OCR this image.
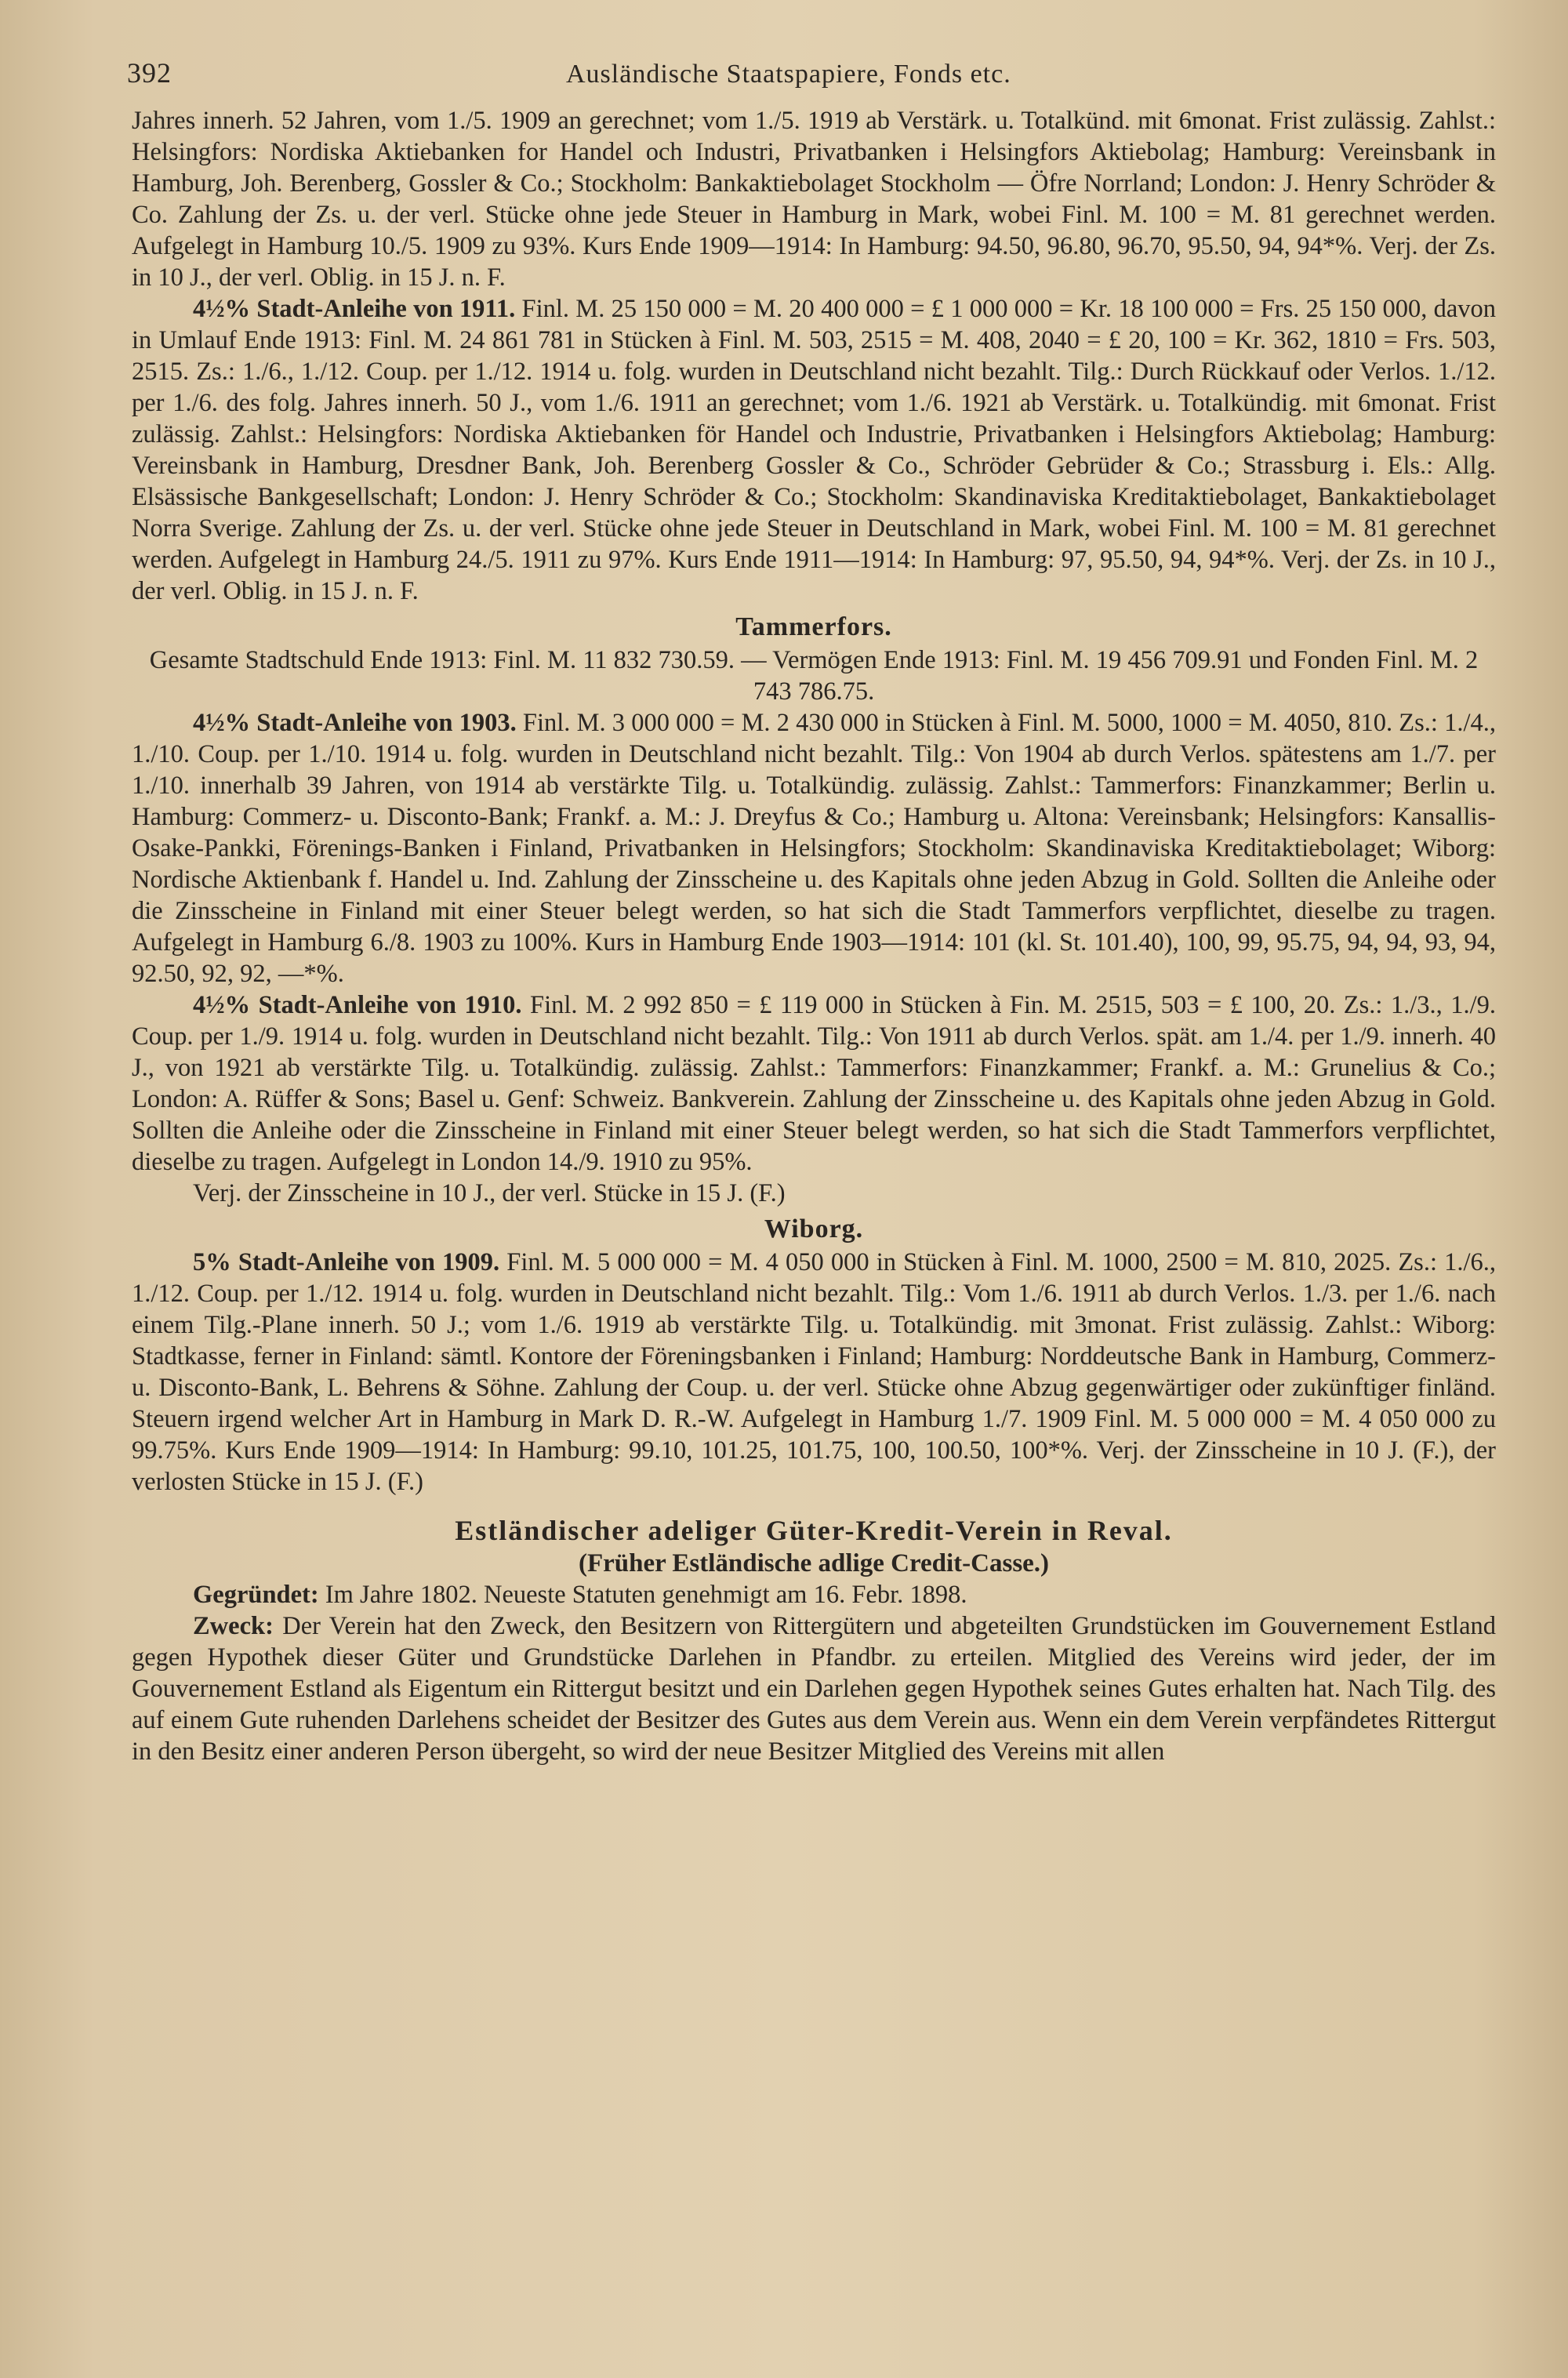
392	Ausländische Staatspapiere, Fonds etc.

Jahres innerh. 52 Jahren, vom 1./5. 1909 an gerechnet; vom 1./5. 1919 ab Verstärk. u. Totalkünd. mit 6monat. Frist zulässig. Zahlst.: Helsingfors: Nordiska Aktiebanken for Handel och Industri, Privatbanken i Helsingfors Aktiebolag; Hamburg: Vereinsbank in Hamburg, Joh. Berenberg, Gossler & Co.; Stockholm: Bankaktiebolaget Stockholm — Öfre Norrland; London: J. Henry Schröder & Co. Zahlung der Zs. u. der verl. Stücke ohne jede Steuer in Hamburg in Mark, wobei Finl. M. 100 = M. 81 gerechnet werden. Aufgelegt in Hamburg 10./5. 1909 zu 93%. Kurs Ende 1909—1914: In Hamburg: 94.50, 96.80, 96.70, 95.50, 94, 94*%. Verj. der Zs. in 10 J., der verl. Oblig. in 15 J. n. F.

4½% Stadt-Anleihe von 1911. Finl. M. 25 150 000 = M. 20 400 000 = £ 1 000 000 = Kr. 18 100 000 = Frs. 25 150 000, davon in Umlauf Ende 1913: Finl. M. 24 861 781 in Stücken à Finl. M. 503, 2515 = M. 408, 2040 = £ 20, 100 = Kr. 362, 1810 = Frs. 503, 2515. Zs.: 1./6., 1./12. Coup. per 1./12. 1914 u. folg. wurden in Deutschland nicht bezahlt. Tilg.: Durch Rückkauf oder Verlos. 1./12. per 1./6. des folg. Jahres innerh. 50 J., vom 1./6. 1911 an gerechnet; vom 1./6. 1921 ab Verstärk. u. Totalkündig. mit 6monat. Frist zulässig. Zahlst.: Helsingfors: Nordiska Aktiebanken för Handel och Industrie, Privatbanken i Helsingfors Aktiebolag; Hamburg: Vereinsbank in Hamburg, Dresdner Bank, Joh. Berenberg Gossler & Co., Schröder Gebrüder & Co.; Strassburg i. Els.: Allg. Elsässische Bankgesellschaft; London: J. Henry Schröder & Co.; Stockholm: Skandinaviska Kreditaktiebolaget, Bankaktiebolaget Norra Sverige. Zahlung der Zs. u. der verl. Stücke ohne jede Steuer in Deutschland in Mark, wobei Finl. M. 100 = M. 81 gerechnet werden. Aufgelegt in Hamburg 24./5. 1911 zu 97%. Kurs Ende 1911—1914: In Hamburg: 97, 95.50, 94, 94*%. Verj. der Zs. in 10 J., der verl. Oblig. in 15 J. n. F.

Tammerfors.

Gesamte Stadtschuld Ende 1913: Finl. M. 11 832 730.59. — Vermögen Ende 1913: Finl. M. 19 456 709.91 und Fonden Finl. M. 2 743 786.75.

4½% Stadt-Anleihe von 1903. Finl. M. 3 000 000 = M. 2 430 000 in Stücken à Finl. M. 5000, 1000 = M. 4050, 810. Zs.: 1./4., 1./10. Coup. per 1./10. 1914 u. folg. wurden in Deutschland nicht bezahlt. Tilg.: Von 1904 ab durch Verlos. spätestens am 1./7. per 1./10. innerhalb 39 Jahren, von 1914 ab verstärkte Tilg. u. Totalkündig. zulässig. Zahlst.: Tammerfors: Finanzkammer; Berlin u. Hamburg: Commerz- u. Disconto-Bank; Frankf. a. M.: J. Dreyfus & Co.; Hamburg u. Altona: Vereinsbank; Helsingfors: Kansallis-Osake-Pankki, Förenings-Banken i Finland, Privatbanken in Helsingfors; Stockholm: Skandinaviska Kreditaktiebolaget; Wiborg: Nordische Aktienbank f. Handel u. Ind. Zahlung der Zinsscheine u. des Kapitals ohne jeden Abzug in Gold. Sollten die Anleihe oder die Zinsscheine in Finland mit einer Steuer belegt werden, so hat sich die Stadt Tammerfors verpflichtet, dieselbe zu tragen. Aufgelegt in Hamburg 6./8. 1903 zu 100%. Kurs in Hamburg Ende 1903—1914: 101 (kl. St. 101.40), 100, 99, 95.75, 94, 94, 93, 94, 92.50, 92, 92, —*%.

4½% Stadt-Anleihe von 1910. Finl. M. 2 992 850 = £ 119 000 in Stücken à Fin. M. 2515, 503 = £ 100, 20. Zs.: 1./3., 1./9. Coup. per 1./9. 1914 u. folg. wurden in Deutschland nicht bezahlt. Tilg.: Von 1911 ab durch Verlos. spät. am 1./4. per 1./9. innerh. 40 J., von 1921 ab verstärkte Tilg. u. Totalkündig. zulässig. Zahlst.: Tammerfors: Finanzkammer; Frankf. a. M.: Grunelius & Co.; London: A. Rüffer & Sons; Basel u. Genf: Schweiz. Bankverein. Zahlung der Zinsscheine u. des Kapitals ohne jeden Abzug in Gold. Sollten die Anleihe oder die Zinsscheine in Finland mit einer Steuer belegt werden, so hat sich die Stadt Tammerfors verpflichtet, dieselbe zu tragen. Aufgelegt in London 14./9. 1910 zu 95%.

Verj. der Zinsscheine in 10 J., der verl. Stücke in 15 J. (F.)

Wiborg.

5% Stadt-Anleihe von 1909. Finl. M. 5 000 000 = M. 4 050 000 in Stücken à Finl. M. 1000, 2500 = M. 810, 2025. Zs.: 1./6., 1./12. Coup. per 1./12. 1914 u. folg. wurden in Deutschland nicht bezahlt. Tilg.: Vom 1./6. 1911 ab durch Verlos. 1./3. per 1./6. nach einem Tilg.-Plane innerh. 50 J.; vom 1./6. 1919 ab verstärkte Tilg. u. Totalkündig. mit 3monat. Frist zulässig. Zahlst.: Wiborg: Stadtkasse, ferner in Finland: sämtl. Kontore der Föreningsbanken i Finland; Hamburg: Norddeutsche Bank in Hamburg, Commerz- u. Disconto-Bank, L. Behrens & Söhne. Zahlung der Coup. u. der verl. Stücke ohne Abzug gegenwärtiger oder zukünftiger finländ. Steuern irgend welcher Art in Hamburg in Mark D. R.-W. Aufgelegt in Hamburg 1./7. 1909 Finl. M. 5 000 000 = M. 4 050 000 zu 99.75%. Kurs Ende 1909—1914: In Hamburg: 99.10, 101.25, 101.75, 100, 100.50, 100*%. Verj. der Zinsscheine in 10 J. (F.), der verlosten Stücke in 15 J. (F.)

Estländischer adeliger Güter-Kredit-Verein in Reval.
(Früher Estländische adlige Credit-Casse.)

Gegründet: Im Jahre 1802. Neueste Statuten genehmigt am 16. Febr. 1898.

Zweck: Der Verein hat den Zweck, den Besitzern von Rittergütern und abgeteilten Grundstücken im Gouvernement Estland gegen Hypothek dieser Güter und Grundstücke Darlehen in Pfandbr. zu erteilen. Mitglied des Vereins wird jeder, der im Gouvernement Estland als Eigentum ein Rittergut besitzt und ein Darlehen gegen Hypothek seines Gutes erhalten hat. Nach Tilg. des auf einem Gute ruhenden Darlehens scheidet der Besitzer des Gutes aus dem Verein aus. Wenn ein dem Verein verpfändetes Rittergut in den Besitz einer anderen Person übergeht, so wird der neue Besitzer Mitglied des Vereins mit allen
